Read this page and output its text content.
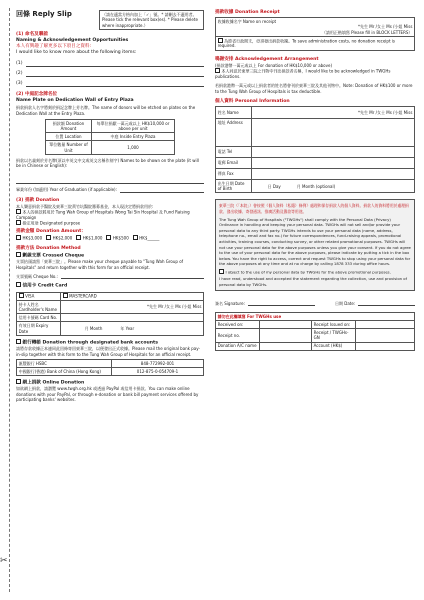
✂
回條 Reply Slip	（請在適當方格內加上「✓」號。* 請刪去不適用者。Please tick the relevant box(es). * Please delete where inappropriate.）
(1) 命名及聯誼
Naming & Acknowledgement Opportunities
本人有興趣了解更多以下項目之資料:
I would like to know more about the following items:
(1)
(2)
(3)
(2) 中庭記念牌名位
Name Plate on Dedication Wall of Entry Plaza
捐款捐款人名字將刻於捐記念牌上芳名牌。The name of donors will be etched on plates on the Dedication Wall at the Entry Plaza.
捐款額 Donation Amount	每單位捐獻一萬元或以上 HK$10,000 or above per unit
位置 Location	中庭 Inside Entry Plaza
單位數量 Number of Unit	1,000
捐款以名義刻於芳名牌(須以中英文中文或英文名稱作刻字) Names to be shown on the plate (it will be in Chinese or English):
畢業年份 (如適用) Year of Graduation (if applicable):
(3) 捐款 Donation
本人樂意捐款予醫院及東華三院黃竹坑醫院籌募基金，本人現決定將捐款用於:
本人的捐款將用於 Tung Wah Group of Hospitals Wong Tai Sin Hospital 及 Fund Raising Campaign
指定用途 Designated purpose
捐款金額 Donation Amount：
HK$3,000	HK$2,000	HK$1,000	HK$500	HK$______
捐款方法 Donation Method
劃線支票 Crossed Cheque
支票抬頭請寫「東華三院」。Please make your cheque payable to "Tung Wah Group of Hospitals" and return together with this form for an official receipt.
支票號碼 Cheque No.:
信用卡 Credit Card
VISA	MASTERCARD
持卡人姓名 Cardholder's Name	*先生 Mr /女士 Ms /小姐 Miss
信用卡號碼 Card No.	
有效日期 Expiry Date	月 Month 年 Year
銀行轉帳 Donation through designated bank accounts
請將存款收據正本連同此回條寄回東華三院，以便發出正式收據。Please mail the original bank pay-in-slip together with this form to the Tung Wah Group of Hospitals for an official receipt.
滙豐銀行 HSBC	848-772992-001
中國銀行(香港) Bank of China (Hong Kong)	012-875-0-054709-1
網上捐款 Online Donation
如欲網上捐款，請瀏覽 www.twgh.org.hk 或透過 PayPal 或信用卡捐款。You can make online donations with your PayPal, or through e-donation or bank bill payment services offered by participating banks' websites.
捐款收據 Donation Receipt
收據收據名字 Name on receipt
*先生 Mr /女士 Ms /小姐 Miss
（請用正楷填寫 Please fill in BLOCK LETTERS）

為節省行政開支，毋須發出捐款收據。To save administration costs, no donation receipt is required.
鳴謝安排 Acknowledgement Arrangement
(捐款港幣一萬元或以上 For donation of HK$10,000 or above)
本人同意於東華三院之刊物中刊出捐款者名稱，I would like to be acknowledged in TWGHs publications.
若捐款港幣一萬元或以上捐款者的姓名將會刊於東華三院及其他刊物中。Note: Donation of HK$100 or more to the Tung Wah Group of Hospitals is tax deductible.
個人資料 Personal Information
姓名 Name	*先生 Mr /女士 Ms /小姐 Miss
地址 Address	
電話 Tel	
電郵 Email	
傳真 Fax	
出生日期 Date of Birth	日 Day 月 Month (optional)
東華三院（「本院」）會按照《個人資料（私隱）條例》處理和保存捐款人的個人資料。捐款人的資料將用於處理捐款、發出收據、寄發通訊、推廣活動及籌款等用途。
The Tung Wah Group of Hospitals ("TWGHs") shall comply with the Personal Data (Privacy) Ordinance in handling and keeping your personal data. TWGHs will not sell and/or provide your personal data to any third party. TWGHs intends to use your personal data (name, address, telephone no., email and fax no.) for future correspondences, fund-raising appeals, promotional activities, training courses, conducting survey, or other related promotional purposes. TWGHs will not use your personal data for the above purposes unless you give your consent. If you do not agree to the use of your personal data for the above purposes, please indicate by putting a tick in the box below. You have the right to access, correct and request TWGHs to stop using your personal data for the above purposes at any time and at no charge by calling 1878 333 during office hours.
I object to the use of my personal data by TWGHs for the above promotional purposes.
I have read, understood and accepted the statement regarding the collection, use and provision of personal data by TWGHs.
簽名 Signature:	日期 Date:
請勿在此欄填寫 For TWGHs use			
Received on:		Receipt Issued on:	
Receipt no.		Receipt / TWGHs-GN	
Donation A/C name		Account (HK$)	
